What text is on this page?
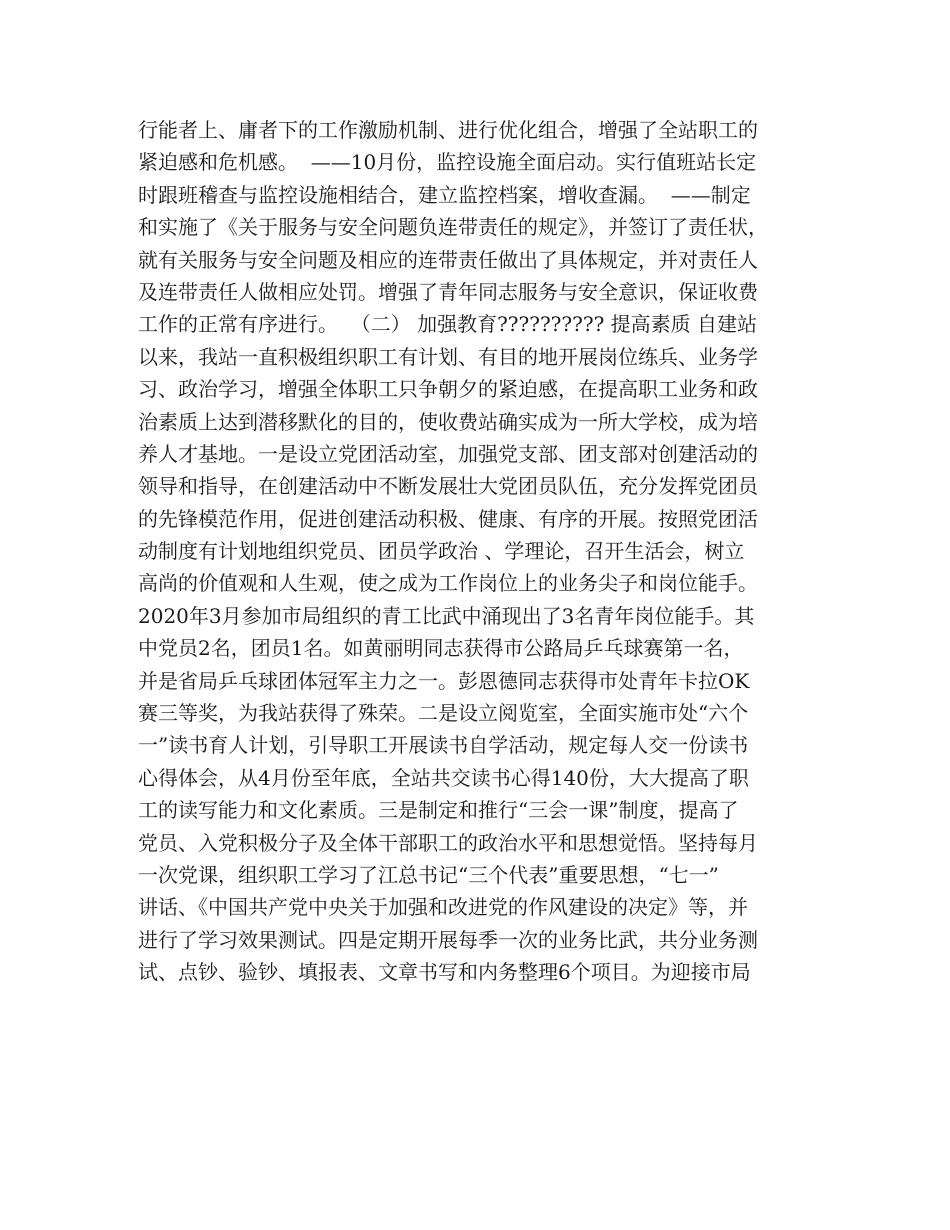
行能者上、庸者下的工作激励机制、进行优化组合，增强了全站职工的
紧迫感和危机感。  ——10月份，监控设施全面启动。实行值班站长定
时跟班稽查与监控设施相结合，建立监控档案，增收查漏。  ——制定
和实施了《关于服务与安全问题负连带责任的规定》，并签订了责任状，
就有关服务与安全问题及相应的连带责任做出了具体规定，并对责任人
及连带责任人做相应处罚。增强了青年同志服务与安全意识，保证收费
工作的正常有序进行。  （二） 加强教育?????????? 提高素质 自建站
以来，我站一直积极组织职工有计划、有目的地开展岗位练兵、业务学
习、政治学习，增强全体职工只争朝夕的紧迫感，在提高职工业务和政
治素质上达到潜移默化的目的，使收费站确实成为一所大学校，成为培
养人才基地。一是设立党团活动室，加强党支部、团支部对创建活动的
领导和指导，在创建活动中不断发展壮大党团员队伍，充分发挥党团员
的先锋模范作用，促进创建活动积极、健康、有序的开展。按照党团活
动制度有计划地组织党员、团员学政治 、学理论，召开生活会，树立
高尚的价值观和人生观，使之成为工作岗位上的业务尖子和岗位能手。
2020年3月参加市局组织的青工比武中涌现出了3名青年岗位能手。其
中党员2名，团员1名。如黄丽明同志获得市公路局乒乓球赛第一名，
并是省局乒乓球团体冠军主力之一。彭恩德同志获得市处青年卡拉OK
赛三等奖，为我站获得了殊荣。二是设立阅览室，全面实施市处“六个
一”读书育人计划，引导职工开展读书自学活动，规定每人交一份读书
心得体会，从4月份至年底，全站共交读书心得140份，大大提高了职
工的读写能力和文化素质。三是制定和推行“三会一课”制度，提高了
党员、入党积极分子及全体干部职工的政治水平和思想觉悟。坚持每月
一次党课，组织职工学习了江总书记“三个代表”重要思想，“七一”
讲话、《中国共产党中央关于加强和改进党的作风建设的决定》等，并
进行了学习效果测试。四是定期开展每季一次的业务比武，共分业务测
试、点钞、验钞、填报表、文章书写和内务整理6个项目。为迎接市局
